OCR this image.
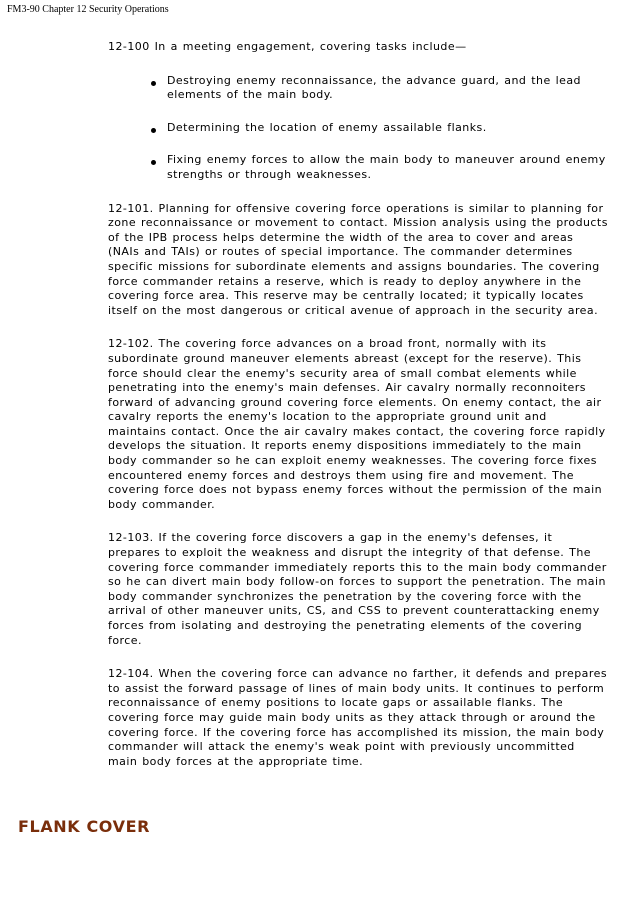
FM3-90 Chapter 12 Security Operations

12-100 In a meeting engagement, covering tasks include—

Destroying enemy reconnaissance, the advance guard, and the lead elements of the main body.
Determining the location of enemy assailable flanks.
Fixing enemy forces to allow the main body to maneuver around enemy strengths or through weaknesses.

12-101. Planning for offensive covering force operations is similar to planning for zone reconnaissance or movement to contact. Mission analysis using the products of the IPB process helps determine the width of the area to cover and areas (NAIs and TAIs) or routes of special importance. The commander determines specific missions for subordinate elements and assigns boundaries. The covering force commander retains a reserve, which is ready to deploy anywhere in the covering force area. This reserve may be centrally located; it typically locates itself on the most dangerous or critical avenue of approach in the security area.

12-102. The covering force advances on a broad front, normally with its subordinate ground maneuver elements abreast (except for the reserve). This force should clear the enemy's security area of small combat elements while penetrating into the enemy's main defenses. Air cavalry normally reconnoiters forward of advancing ground covering force elements. On enemy contact, the air cavalry reports the enemy's location to the appropriate ground unit and maintains contact. Once the air cavalry makes contact, the covering force rapidly develops the situation. It reports enemy dispositions immediately to the main body commander so he can exploit enemy weaknesses. The covering force fixes encountered enemy forces and destroys them using fire and movement. The covering force does not bypass enemy forces without the permission of the main body commander.

12-103. If the covering force discovers a gap in the enemy's defenses, it prepares to exploit the weakness and disrupt the integrity of that defense. The covering force commander immediately reports this to the main body commander so he can divert main body follow-on forces to support the penetration. The main body commander synchronizes the penetration by the covering force with the arrival of other maneuver units, CS, and CSS to prevent counterattacking enemy forces from isolating and destroying the penetrating elements of the covering force.

12-104. When the covering force can advance no farther, it defends and prepares to assist the forward passage of lines of main body units. It continues to perform reconnaissance of enemy positions to locate gaps or assailable flanks. The covering force may guide main body units as they attack through or around the covering force. If the covering force has accomplished its mission, the main body commander will attack the enemy's weak point with previously uncommitted main body forces at the appropriate time.

FLANK COVER
